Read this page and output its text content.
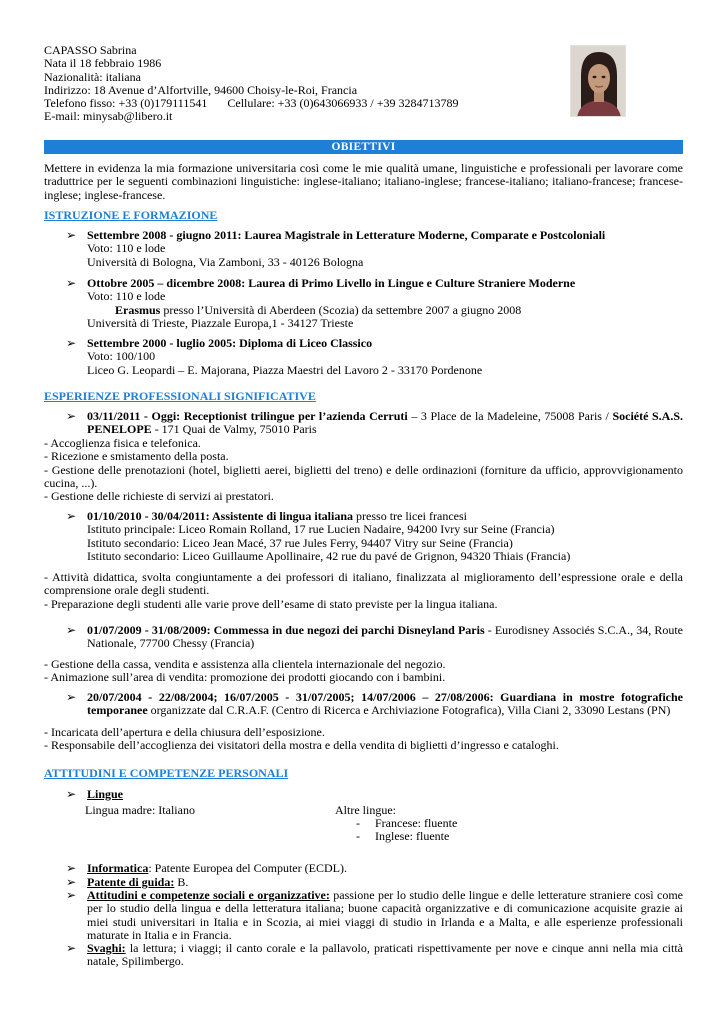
CAPASSO Sabrina
Nata il 18 febbraio 1986
Nazionalità: italiana
Indirizzo: 18 Avenue d’Alfortville, 94600 Choisy-le-Roi, Francia
Telefono fisso: +33 (0)179111541 Cellulare: +33 (0)643066933 / +39 3284713789
E-mail: minysab@libero.it
OBIETTIVI
Mettere in evidenza la mia formazione universitaria così come le mie qualità umane, linguistiche e professionali per lavorare come traduttrice per le seguenti combinazioni linguistiche: inglese-italiano; italiano-inglese; francese-italiano; italiano-francese; francese-inglese; inglese-francese.
ISTRUZIONE E FORMAZIONE
➢ Settembre 2008 - giugno 2011: Laurea Magistrale in Letterature Moderne, Comparate e Postcoloniali
Voto: 110 e lode
Università di Bologna, Via Zamboni, 33 - 40126 Bologna
➢ Ottobre 2005 – dicembre 2008: Laurea di Primo Livello in Lingue e Culture Straniere Moderne
Voto: 110 e lode
Erasmus presso l’Università di Aberdeen (Scozia) da settembre 2007 a giugno 2008
Università di Trieste, Piazzale Europa,1 - 34127 Trieste
➢ Settembre 2000 - luglio 2005: Diploma di Liceo Classico
Voto: 100/100
Liceo G. Leopardi – E. Majorana, Piazza Maestri del Lavoro 2 - 33170 Pordenone
ESPERIENZE PROFESSIONALI SIGNIFICATIVE
➢ 03/11/2011 - Oggi: Receptionist trilingue per l’azienda Cerruti – 3 Place de la Madeleine, 75008 Paris / Société S.A.S. PENELOPE - 171 Quai de Valmy, 75010 Paris
- Accoglienza fisica e telefonica.
- Ricezione e smistamento della posta.
- Gestione delle prenotazioni (hotel, biglietti aerei, biglietti del treno) e delle ordinazioni (forniture da ufficio, approvvigionamento cucina, ...).
- Gestione delle richieste di servizi ai prestatori.
➢ 01/10/2010 - 30/04/2011: Assistente di lingua italiana presso tre licei francesi
Istituto principale: Liceo Romain Rolland, 17 rue Lucien Nadaire, 94200 Ivry sur Seine (Francia)
Istituto secondario: Liceo Jean Macé, 37 rue Jules Ferry, 94407 Vitry sur Seine (Francia)
Istituto secondario: Liceo Guillaume Apollinaire, 42 rue du pavé de Grignon, 94320 Thiais (Francia)
- Attività didattica, svolta congiuntamente a dei professori di italiano, finalizzata al miglioramento dell’espressione orale e della comprensione orale degli studenti.
- Preparazione degli studenti alle varie prove dell’esame di stato previste per la lingua italiana.
➢ 01/07/2009 - 31/08/2009: Commessa in due negozi dei parchi Disneyland Paris - Eurodisney Associés S.C.A., 34, Route Nationale, 77700 Chessy (Francia)
- Gestione della cassa, vendita e assistenza alla clientela internazionale del negozio.
- Animazione sull’area di vendita: promozione dei prodotti giocando con i bambini.
➢ 20/07/2004 - 22/08/2004; 16/07/2005 - 31/07/2005; 14/07/2006 – 27/08/2006: Guardiana in mostre fotografiche temporanee organizzate dal C.R.A.F. (Centro di Ricerca e Archiviazione Fotografica), Villa Ciani 2, 33090 Lestans (PN)
- Incaricata dell’apertura e della chiusura dell’esposizione.
- Responsabile dell’accoglienza dei visitatori della mostra e della vendita di biglietti d’ingresso e cataloghi.
ATTITUDINI E COMPETENZE PERSONALI
➢ Lingue
Lingua madre: Italiano	Altre lingue:
- Francese: fluente
- Inglese: fluente
➢ Informatica: Patente Europea del Computer (ECDL).
➢ Patente di guida: B.
➢ Attitudini e competenze sociali e organizzative: passione per lo studio delle lingue e delle letterature straniere così come per lo studio della lingua e della letteratura italiana; buone capacità organizzative e di comunicazione acquisite grazie ai miei studi universitari in Italia e in Scozia, ai miei viaggi di studio in Irlanda e a Malta, e alle esperienze professionali maturate in Italia e in Francia.
➢ Svaghi: la lettura; i viaggi; il canto corale e la pallavolo, praticati rispettivamente per nove e cinque anni nella mia città natale, Spilimbergo.
